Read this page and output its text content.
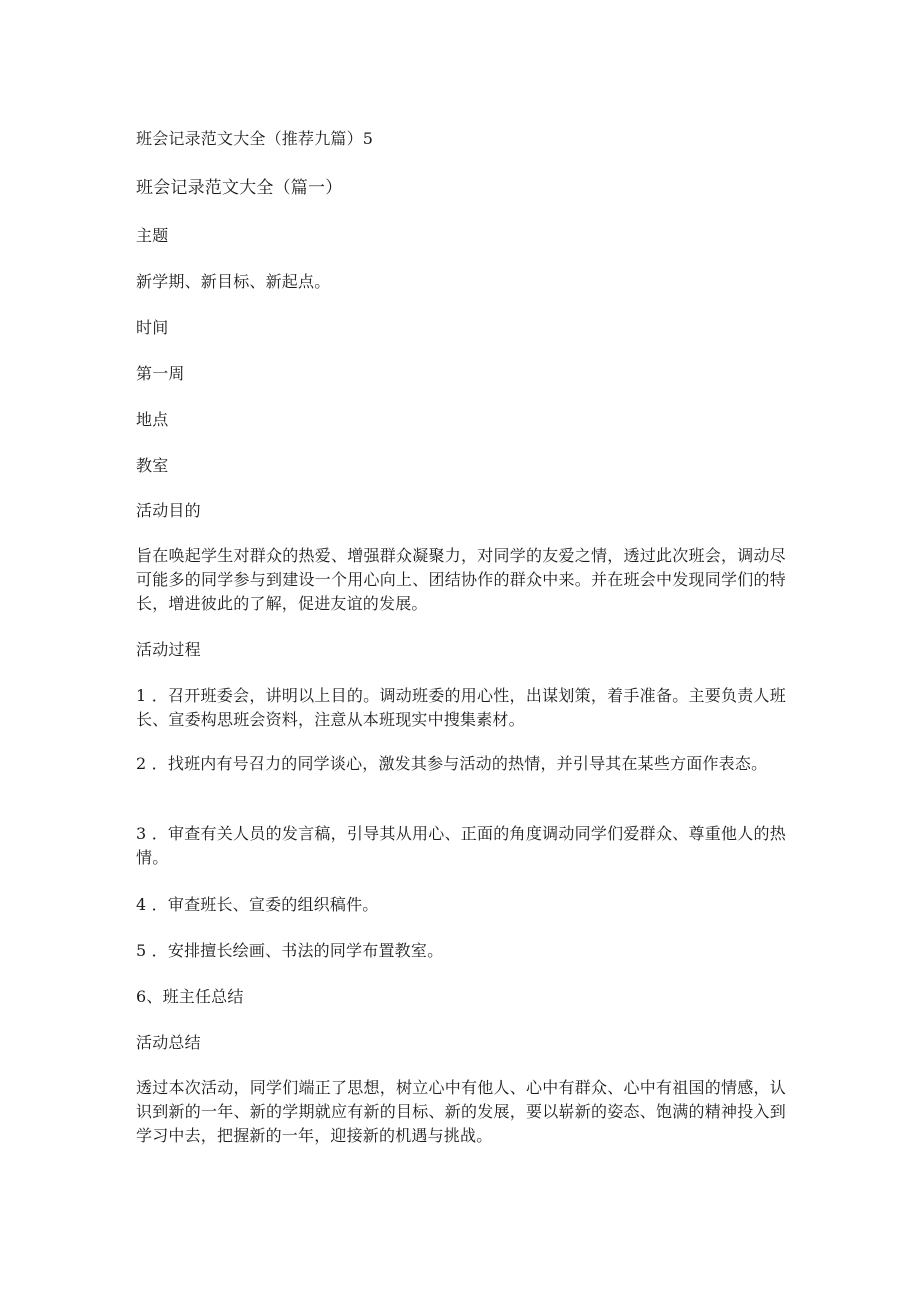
班会记录范文大全（推荐九篇）5
班会记录范文大全（篇一）
主题
新学期、新目标、新起点。
时间
第一周
地点
教室
活动目的
旨在唤起学生对群众的热爱、增强群众凝聚力，对同学的友爱之情，透过此次班会，调动尽可能多的同学参与到建设一个用心向上、团结协作的群众中来。并在班会中发现同学们的特长，增进彼此的了解，促进友谊的发展。
活动过程
1 ．召开班委会，讲明以上目的。调动班委的用心性，出谋划策，着手准备。主要负责人班长、宣委构思班会资料，注意从本班现实中搜集素材。
2 ．找班内有号召力的同学谈心，激发其参与活动的热情，并引导其在某些方面作表态。
3 ．审查有关人员的发言稿，引导其从用心、正面的角度调动同学们爱群众、尊重他人的热情。
4 ．审查班长、宣委的组织稿件。
5 ．安排擅长绘画、书法的同学布置教室。
6、班主任总结
活动总结
透过本次活动，同学们端正了思想，树立心中有他人、心中有群众、心中有祖国的情感，认识到新的一年、新的学期就应有新的目标、新的发展，要以崭新的姿态、饱满的精神投入到学习中去，把握新的一年，迎接新的机遇与挑战。
